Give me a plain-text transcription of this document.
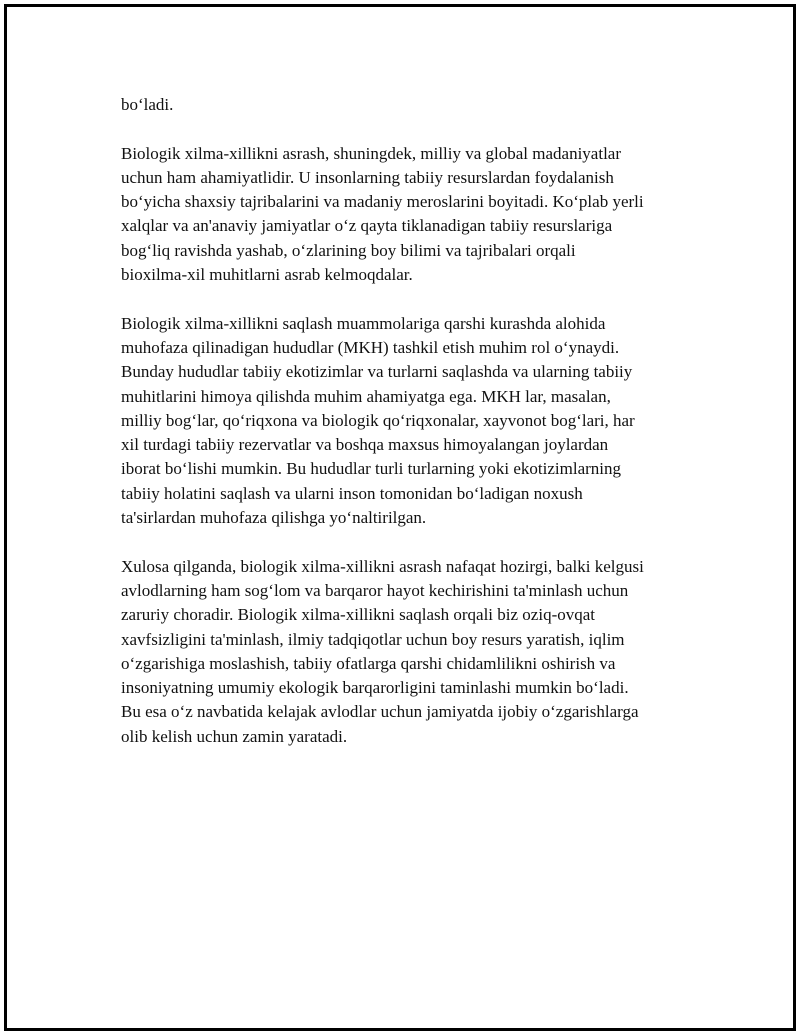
bo‘ladi.

Biologik xilma-xillikni asrash, shuningdek, milliy va global madaniyatlar
uchun ham ahamiyatlidir. U insonlarning tabiiy resurslardan foydalanish
bo‘yicha shaxsiy tajribalarini va madaniy meroslarini boyitadi. Ko‘plab yerli
xalqlar va an'anaviy jamiyatlar o‘z qayta tiklanadigan tabiiy resurslariga
bog‘liq ravishda yashab, o‘zlarining boy bilimi va tajribalari orqali
bioxilma-xil muhitlarni asrab kelmoqdalar.

Biologik xilma-xillikni saqlash muammolariga qarshi kurashda alohida
muhofaza qilinadigan hududlar (MKH) tashkil etish muhim rol o‘ynaydi.
Bunday hududlar tabiiy ekotizimlar va turlarni saqlashda va ularning tabiiy
muhitlarini himoya qilishda muhim ahamiyatga ega. MKH lar, masalan,
milliy bog‘lar, qo‘riqxona va biologik qo‘riqxonalar, xayvonot bog‘lari, har
xil turdagi tabiiy rezervatlar va boshqa maxsus himoyalangan joylardan
iborat bo‘lishi mumkin. Bu hududlar turli turlarning yoki ekotizimlarning
tabiiy holatini saqlash va ularni inson tomonidan bo‘ladigan noxush
ta'sirlardan muhofaza qilishga yo‘naltirilgan.

Xulosa qilganda, biologik xilma-xillikni asrash nafaqat hozirgi, balki kelgusi
avlodlarning ham sog‘lom va barqaror hayot kechirishini ta'minlash uchun
zaruriy choradir. Biologik xilma-xillikni saqlash orqali biz oziq-ovqat
xavfsizligini ta'minlash, ilmiy tadqiqotlar uchun boy resurs yaratish, iqlim
o‘zgarishiga moslashish, tabiiy ofatlarga qarshi chidamlilikni oshirish va
insoniyatning umumiy ekologik barqarorligini taminlashi mumkin bo‘ladi.
Bu esa o‘z navbatida kelajak avlodlar uchun jamiyatda ijobiy o‘zgarishlarga
olib kelish uchun zamin yaratadi.
